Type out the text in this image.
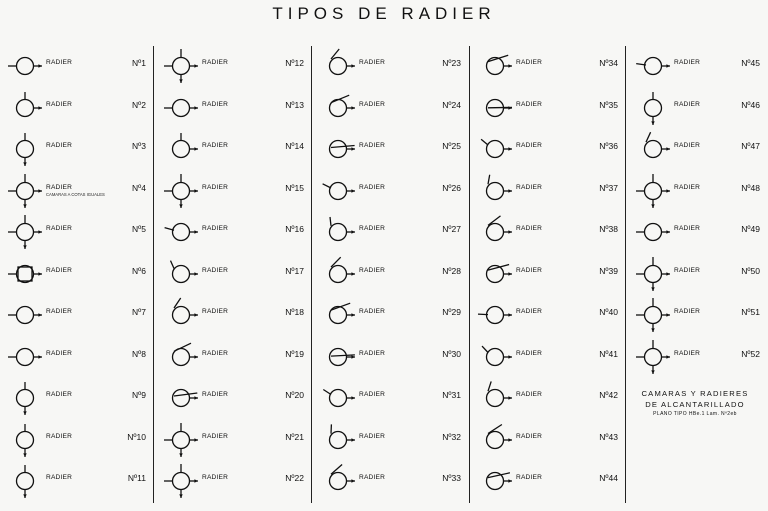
TIPOS DE RADIER
RADIER	Nº1
RADIER	Nº2
RADIER	Nº3
RADIER
CAMARAS A COTAS IGUALES
Nº4
RADIER	Nº5
RADIER	Nº6
RADIER	Nº7
RADIER	Nº8
RADIER	Nº9
RADIER	Nº10
RADIER	Nº11
RADIER	Nº12
RADIER	Nº13
RADIER	Nº14
RADIER	Nº15
RADIER	Nº16
RADIER	Nº17
RADIER	Nº18
RADIER	Nº19
RADIER	Nº20
RADIER	Nº21
RADIER	Nº22
RADIER	Nº23
RADIER	Nº24
RADIER	Nº25
RADIER	Nº26
RADIER	Nº27
RADIER	Nº28
RADIER	Nº29
RADIER	Nº30
RADIER	Nº31
RADIER	Nº32
RADIER	Nº33
RADIER	Nº34
RADIER	Nº35
RADIER	Nº36
RADIER	Nº37
RADIER	Nº38
RADIER	Nº39
RADIER	Nº40
RADIER	Nº41
RADIER	Nº42
RADIER	Nº43
RADIER	Nº44
RADIER	Nº45
RADIER	Nº46
RADIER	Nº47
RADIER	Nº48
RADIER	Nº49
RADIER	Nº50
RADIER	Nº51
RADIER	Nº52
CAMARAS Y RADIERES
DE ALCANTARILLADO
PLANO TIPO HBe.1 Lam. Nº2eb
